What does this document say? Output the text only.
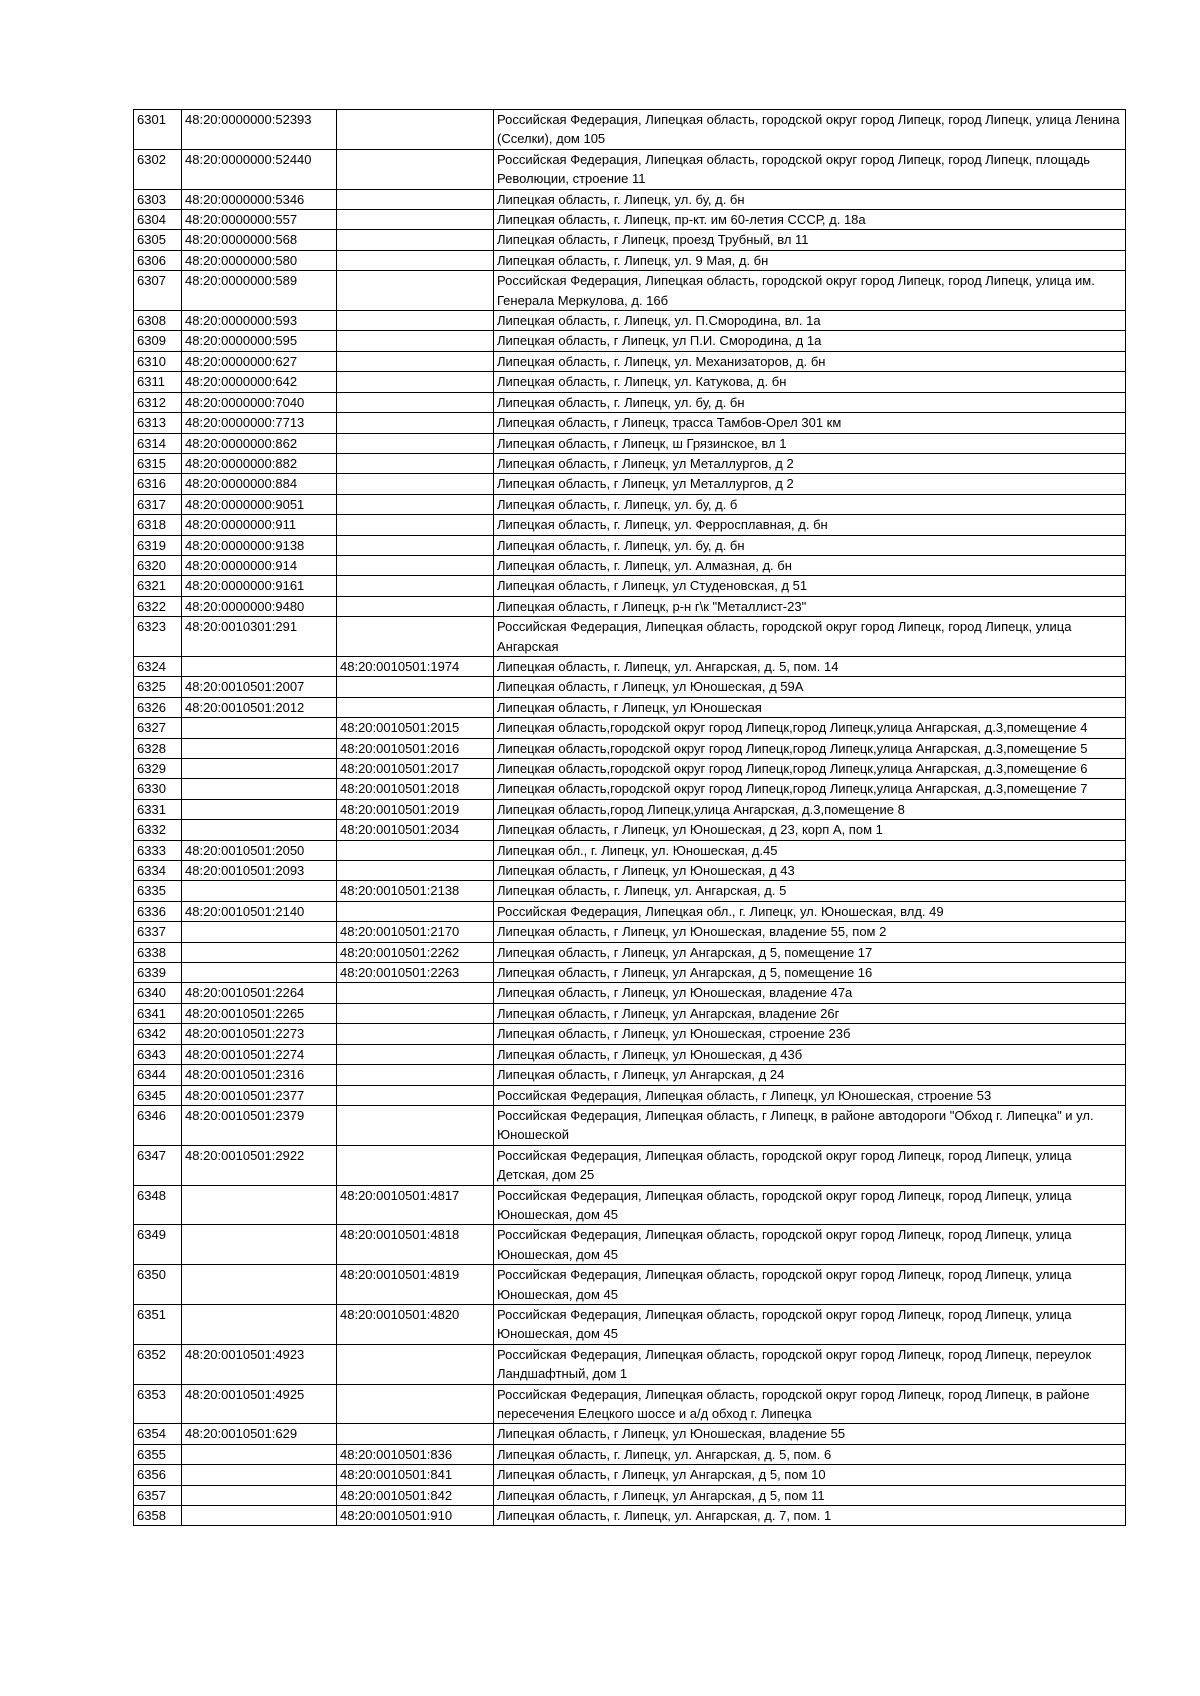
6301	48:20:0000000:52393		Российская Федерация, Липецкая область, городской округ город Липецк, город Липецк, улица Ленина (Сселки), дом 105
6302	48:20:0000000:52440		Российская Федерация, Липецкая область, городской округ город Липецк, город Липецк, площадь Революции, строение 11
6303	48:20:0000000:5346		Липецкая область, г. Липецк, ул. бу, д. бн
6304	48:20:0000000:557		Липецкая область, г. Липецк, пр-кт. им 60-летия СССР, д. 18а
6305	48:20:0000000:568		Липецкая область, г Липецк, проезд Трубный, вл 11
6306	48:20:0000000:580		Липецкая область, г. Липецк, ул. 9 Мая, д. бн
6307	48:20:0000000:589		Российская Федерация, Липецкая область, городской округ город Липецк, город Липецк, улица им. Генерала Меркулова, д. 16б
6308	48:20:0000000:593		Липецкая область, г. Липецк, ул. П.Смородина, вл. 1а
6309	48:20:0000000:595		Липецкая область, г Липецк, ул П.И. Смородина, д 1а
6310	48:20:0000000:627		Липецкая область, г. Липецк, ул. Механизаторов, д. бн
6311	48:20:0000000:642		Липецкая область, г. Липецк, ул. Катукова, д. бн
6312	48:20:0000000:7040		Липецкая область, г. Липецк, ул. бу, д. бн
6313	48:20:0000000:7713		Липецкая область, г Липецк, трасса Тамбов-Орел 301 км
6314	48:20:0000000:862		Липецкая область, г Липецк, ш Грязинское, вл 1
6315	48:20:0000000:882		Липецкая область, г Липецк, ул Металлургов, д 2
6316	48:20:0000000:884		Липецкая область, г Липецк, ул Металлургов, д 2
6317	48:20:0000000:9051		Липецкая область, г. Липецк, ул. бу, д. б
6318	48:20:0000000:911		Липецкая область, г. Липецк, ул. Ферросплавная, д. бн
6319	48:20:0000000:9138		Липецкая область, г. Липецк, ул. бу, д. бн
6320	48:20:0000000:914		Липецкая область, г. Липецк, ул. Алмазная, д. бн
6321	48:20:0000000:9161		Липецкая область, г Липецк, ул Студеновская, д 51
6322	48:20:0000000:9480		Липецкая область, г Липецк, р-н г\к "Металлист-23"
6323	48:20:0010301:291		Российская Федерация, Липецкая область, городской округ город Липецк, город Липецк, улица Ангарская
6324		48:20:0010501:1974	Липецкая область, г. Липецк, ул. Ангарская, д. 5, пом. 14
6325	48:20:0010501:2007		Липецкая область, г Липецк, ул Юношеская, д 59А
6326	48:20:0010501:2012		Липецкая область, г Липецк, ул Юношеская
6327		48:20:0010501:2015	Липецкая область,городской округ город Липецк,город Липецк,улица Ангарская, д.3,помещение 4
6328		48:20:0010501:2016	Липецкая область,городской округ город Липецк,город Липецк,улица Ангарская, д.3,помещение 5
6329		48:20:0010501:2017	Липецкая область,городской округ город Липецк,город Липецк,улица Ангарская, д.3,помещение 6
6330		48:20:0010501:2018	Липецкая область,городской округ город Липецк,город Липецк,улица Ангарская, д.3,помещение 7
6331		48:20:0010501:2019	Липецкая область,город Липецк,улица Ангарская, д.3,помещение 8
6332		48:20:0010501:2034	Липецкая область, г Липецк, ул Юношеская, д 23, корп А, пом 1
6333	48:20:0010501:2050		Липецкая обл., г. Липецк, ул. Юношеская, д.45
6334	48:20:0010501:2093		Липецкая область, г Липецк, ул Юношеская, д 43
6335		48:20:0010501:2138	Липецкая область, г. Липецк, ул. Ангарская, д. 5
6336	48:20:0010501:2140		Российская Федерация, Липецкая обл., г. Липецк, ул. Юношеская, влд. 49
6337		48:20:0010501:2170	Липецкая область, г Липецк, ул Юношеская, владение 55, пом 2
6338		48:20:0010501:2262	Липецкая область, г Липецк, ул Ангарская, д 5, помещение 17
6339		48:20:0010501:2263	Липецкая область, г Липецк, ул Ангарская, д 5, помещение 16
6340	48:20:0010501:2264		Липецкая область, г Липецк, ул Юношеская, владение 47а
6341	48:20:0010501:2265		Липецкая область, г Липецк, ул Ангарская, владение 26г
6342	48:20:0010501:2273		Липецкая область, г Липецк, ул Юношеская, строение 23б
6343	48:20:0010501:2274		Липецкая область, г Липецк, ул Юношеская, д 43б
6344	48:20:0010501:2316		Липецкая область, г Липецк, ул Ангарская, д 24
6345	48:20:0010501:2377		Российская Федерация, Липецкая область, г Липецк, ул Юношеская, строение 53
6346	48:20:0010501:2379		Российская Федерация, Липецкая область, г Липецк, в районе автодороги "Обход г. Липецка" и ул. Юношеской
6347	48:20:0010501:2922		Российская Федерация, Липецкая область, городской округ город Липецк, город Липецк, улица Детская, дом 25
6348		48:20:0010501:4817	Российская Федерация, Липецкая область, городской округ город Липецк, город Липецк, улица Юношеская, дом 45
6349		48:20:0010501:4818	Российская Федерация, Липецкая область, городской округ город Липецк, город Липецк, улица Юношеская, дом 45
6350		48:20:0010501:4819	Российская Федерация, Липецкая область, городской округ город Липецк, город Липецк, улица Юношеская, дом 45
6351		48:20:0010501:4820	Российская Федерация, Липецкая область, городской округ город Липецк, город Липецк, улица Юношеская, дом 45
6352	48:20:0010501:4923		Российская Федерация, Липецкая область, городской округ город Липецк, город Липецк, переулок Ландшафтный, дом 1
6353	48:20:0010501:4925		Российская Федерация, Липецкая область, городской округ город Липецк, город Липецк, в районе пересечения Елецкого шоссе и а/д обход г. Липецка
6354	48:20:0010501:629		Липецкая область, г Липецк, ул Юношеская, владение 55
6355		48:20:0010501:836	Липецкая область, г. Липецк, ул. Ангарская, д. 5, пом. 6
6356		48:20:0010501:841	Липецкая область, г Липецк, ул Ангарская, д 5, пом 10
6357		48:20:0010501:842	Липецкая область, г Липецк, ул Ангарская, д 5, пом 11
6358		48:20:0010501:910	Липецкая область, г. Липецк, ул. Ангарская, д. 7, пом. 1
